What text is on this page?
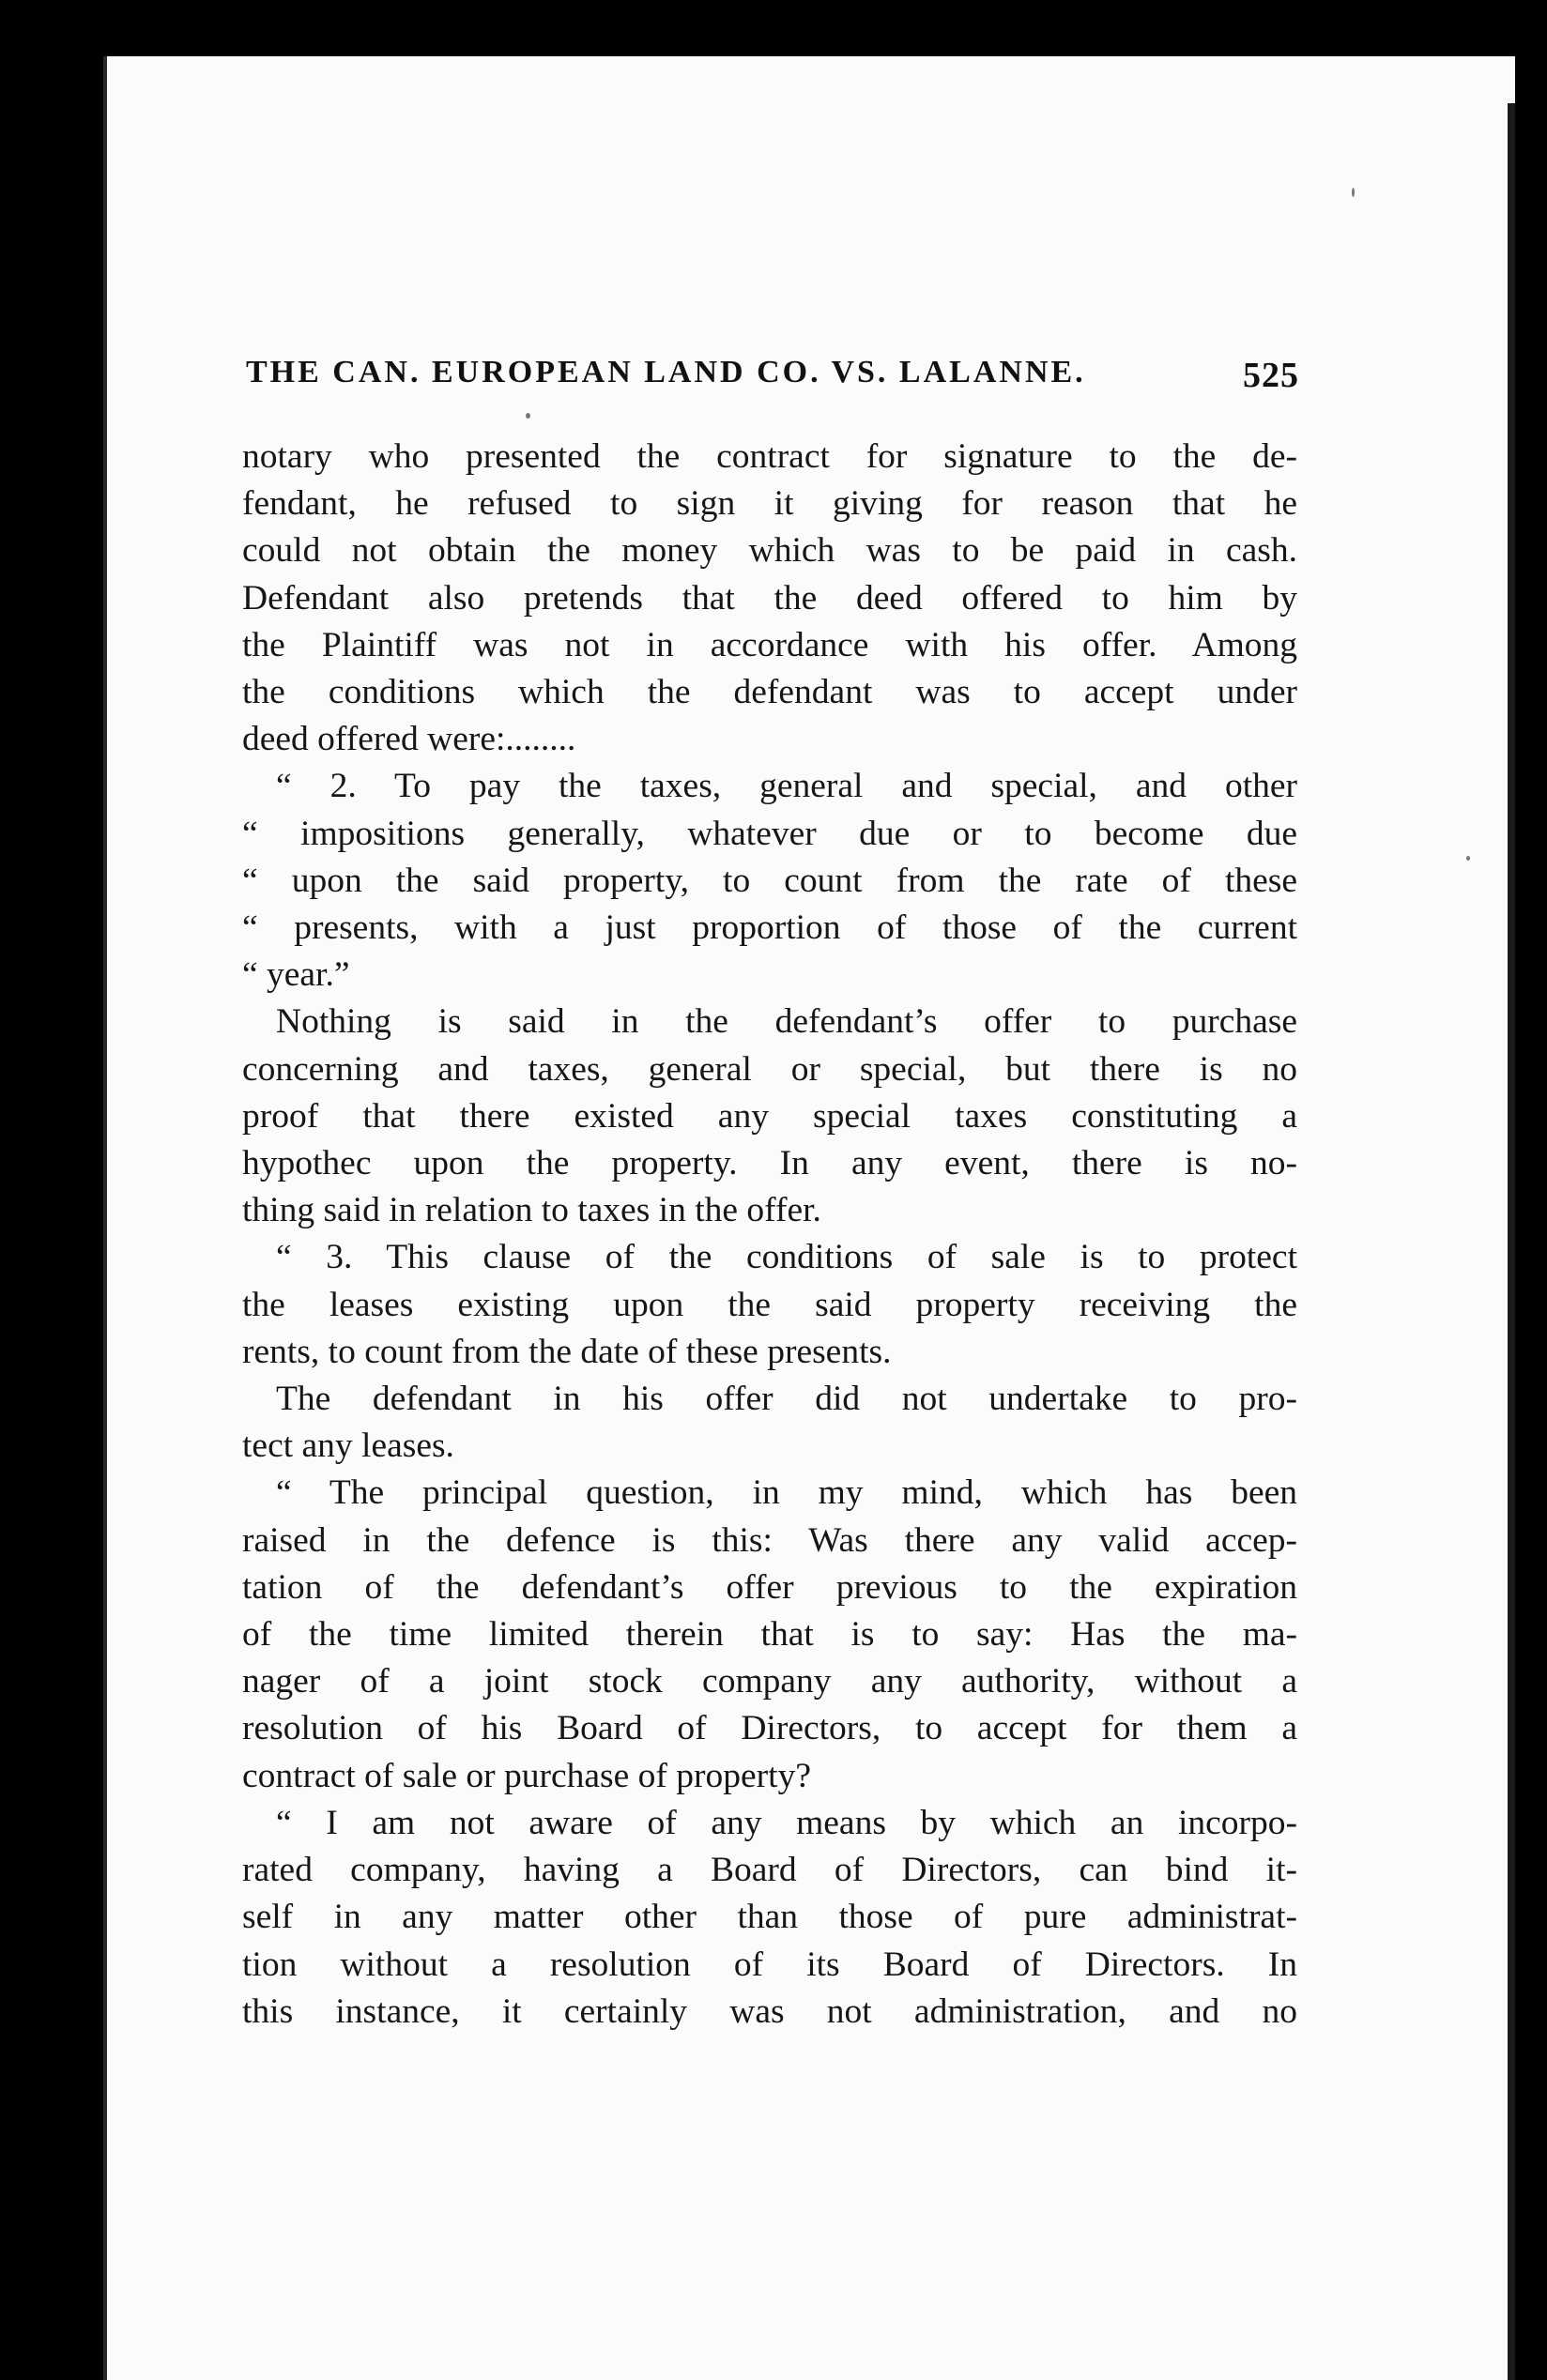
THE CAN. EUROPEAN LAND CO. VS. LALANNE.	525
notary who presented the contract for signature to the de-
fendant, he refused to sign it giving for reason that he
could not obtain the money which was to be paid in cash.
Defendant also pretends that the deed offered to him by
the Plaintiff was not in accordance with his offer. Among
the conditions which the defendant was to accept under
deed offered were:........
“ 2. To pay the taxes, general and special, and other
“ impositions generally, whatever due or to become due
“ upon the said property, to count from the rate of these
“ presents, with a just proportion of those of the current
“ year.”
Nothing is said in the defendant’s offer to purchase
concerning and taxes, general or special, but there is no
proof that there existed any special taxes constituting a
hypothec upon the property. In any event, there is no-
thing said in relation to taxes in the offer.
“ 3. This clause of the conditions of sale is to protect
the leases existing upon the said property receiving the
rents, to count from the date of these presents.
The defendant in his offer did not undertake to pro-
tect any leases.
“ The principal question, in my mind, which has been
raised in the defence is this: Was there any valid accep-
tation of the defendant’s offer previous to the expiration
of the time limited therein that is to say: Has the ma-
nager of a joint stock company any authority, without a
resolution of his Board of Directors, to accept for them a
contract of sale or purchase of property?
“ I am not aware of any means by which an incorpo-
rated company, having a Board of Directors, can bind it-
self in any matter other than those of pure administrat-
tion without a resolution of its Board of Directors. In
this instance, it certainly was not administration, and no
